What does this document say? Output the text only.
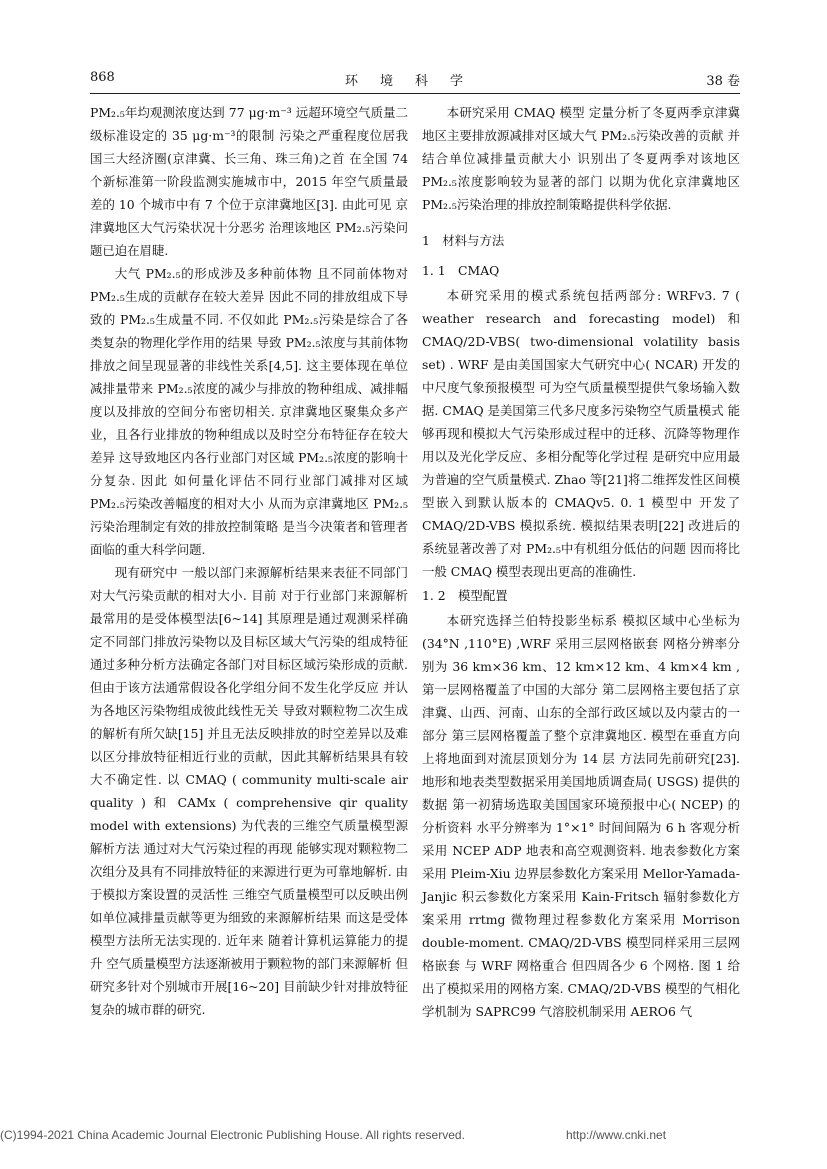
868	环境科学	38 卷

PM₂.₅年均观测浓度达到 77 μg·m⁻³ 远超环境空气质量二级标准设定的 35 μg·m⁻³的限制 污染之严重程度位居我国三大经济圈(京津冀、长三角、珠三角)之首 在全国 74 个新标准第一阶段监测实施城市中，2015 年空气质量最差的 10 个城市中有 7 个位于京津冀地区[3]. 由此可见 京津冀地区大气污染状况十分恶劣 治理该地区 PM₂.₅污染问题已迫在眉睫.

大气 PM₂.₅的形成涉及多种前体物 且不同前体物对 PM₂.₅生成的贡献存在较大差异 因此不同的排放组成下导致的 PM₂.₅生成量不同. 不仅如此 PM₂.₅污染是综合了各类复杂的物理化学作用的结果 导致 PM₂.₅浓度与其前体物排放之间呈现显著的非线性关系[4,5]. 这主要体现在单位减排量带来 PM₂.₅浓度的减少与排放的物种组成、减排幅度以及排放的空间分布密切相关. 京津冀地区聚集众多产业，且各行业排放的物种组成以及时空分布特征存在较大差异 这导致地区内各行业部门对区域 PM₂.₅浓度的影响十分复杂. 因此 如何量化评估不同行业部门减排对区域 PM₂.₅污染改善幅度的相对大小 从而为京津冀地区 PM₂.₅污染治理制定有效的排放控制策略 是当今决策者和管理者面临的重大科学问题.

现有研究中 一般以部门来源解析结果来表征不同部门对大气污染贡献的相对大小. 目前 对于行业部门来源解析最常用的是受体模型法[6~14] 其原理是通过观测采样确定不同部门排放污染物以及目标区域大气污染的组成特征 通过多种分析方法确定各部门对目标区域污染形成的贡献. 但由于该方法通常假设各化学组分间不发生化学反应 并认为各地区污染物组成彼此线性无关 导致对颗粒物二次生成的解析有所欠缺[15] 并且无法反映排放的时空差异以及难以区分排放特征相近行业的贡献，因此其解析结果具有较大不确定性. 以 CMAQ ( community multi-scale air quality ) 和 CAMx ( comprehensive qir quality model with extensions) 为代表的三维空气质量模型源解析方法 通过对大气污染过程的再现 能够实现对颗粒物二次组分及具有不同排放特征的来源进行更为可靠地解析. 由于模拟方案设置的灵活性 三维空气质量模型可以反映出例如单位减排量贡献等更为细致的来源解析结果 而这是受体模型方法所无法实现的. 近年来 随着计算机运算能力的提升 空气质量模型方法逐渐被用于颗粒物的部门来源解析 但研究多针对个别城市开展[16~20] 目前缺少针对排放特征复杂的城市群的研究.

本研究采用 CMAQ 模型 定量分析了冬夏两季京津冀地区主要排放源减排对区域大气 PM₂.₅污染改善的贡献 并结合单位减排量贡献大小 识别出了冬夏两季对该地区 PM₂.₅浓度影响较为显著的部门 以期为优化京津冀地区 PM₂.₅污染治理的排放控制策略提供科学依据.

1　材料与方法
1. 1　CMAQ

本研究采用的模式系统包括两部分: WRFv3. 7 ( weather research and forecasting model) 和 CMAQ/2D-VBS( two-dimensional volatility basis set) . WRF 是由美国国家大气研究中心( NCAR) 开发的中尺度气象预报模型 可为空气质量模型提供气象场输入数据. CMAQ 是美国第三代多尺度多污染物空气质量模式 能够再现和模拟大气污染形成过程中的迁移、沉降等物理作用以及光化学反应、多相分配等化学过程 是研究中应用最为普遍的空气质量模式. Zhao 等[21]将二维挥发性区间模型嵌入到默认版本的 CMAQv5. 0. 1 模型中 开发了 CMAQ/2D-VBS 模拟系统. 模拟结果表明[22] 改进后的系统显著改善了对 PM₂.₅中有机组分低估的问题 因而将比一般 CMAQ 模型表现出更高的准确性.

1. 2　模型配置

本研究选择兰伯特投影坐标系 模拟区域中心坐标为(34°N ,110°E) ,WRF 采用三层网格嵌套 网格分辨率分别为 36 km×36 km、12 km×12 km、4 km×4 km ,第一层网格覆盖了中国的大部分 第二层网格主要包括了京津冀、山西、河南、山东的全部行政区域以及内蒙古的一部分 第三层网格覆盖了整个京津冀地区. 模型在垂直方向上将地面到对流层顶划分为 14 层 方法同先前研究[23]. 地形和地表类型数据采用美国地质调查局( USGS) 提供的数据 第一初猜场选取美国国家环境预报中心( NCEP) 的分析资料 水平分辨率为 1°×1° 时间间隔为 6 h 客观分析采用 NCEP ADP 地表和高空观测资料. 地表参数化方案采用 Pleim-Xiu 边界层参数化方案采用 Mellor-Yamada-Janjic 积云参数化方案采用 Kain-Fritsch 辐射参数化方案采用 rrtmg 微物理过程参数化方案采用 Morrison double-moment. CMAQ/2D-VBS 模型同样采用三层网格嵌套 与 WRF 网格重合 但四周各少 6 个网格. 图 1 给出了模拟采用的网格方案. CMAQ/2D-VBS 模型的气相化学机制为 SAPRC99 气溶胶机制采用 AERO6 气

(C)1994-2021 China Academic Journal Electronic Publishing House. All rights reserved.	http://www.cnki.net
